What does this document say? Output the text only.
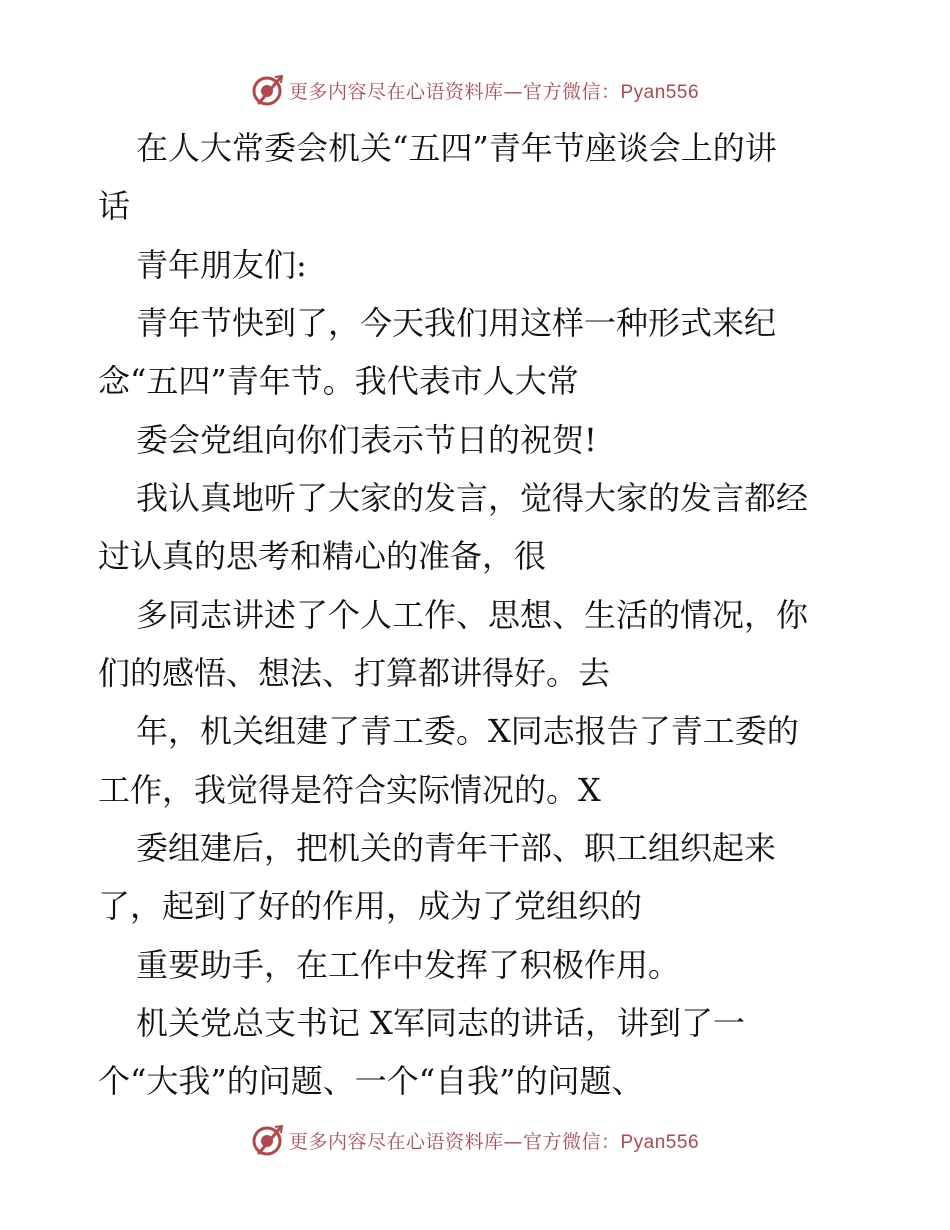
更多内容尽在心语资料库—官方微信：Pyan556
在人大常委会机关“五四”青年节座谈会上的讲
话
青年朋友们:
青年节快到了，今天我们用这样一种形式来纪
念“五四”青年节。我代表市人大常
委会党组向你们表示节日的祝贺!
我认真地听了大家的发言，觉得大家的发言都经
过认真的思考和精心的准备，很
多同志讲述了个人工作、思想、生活的情况，你
们的感悟、想法、打算都讲得好。去
年，机关组建了青工委。X同志报告了青工委的
工作，我觉得是符合实际情况的。X
委组建后，把机关的青年干部、职工组织起来
了，起到了好的作用，成为了党组织的
重要助手，在工作中发挥了积极作用。
机关党总支书记 X军同志的讲话，讲到了一
个“大我”的问题、一个“自我”的问题、
更多内容尽在心语资料库—官方微信：Pyan556
